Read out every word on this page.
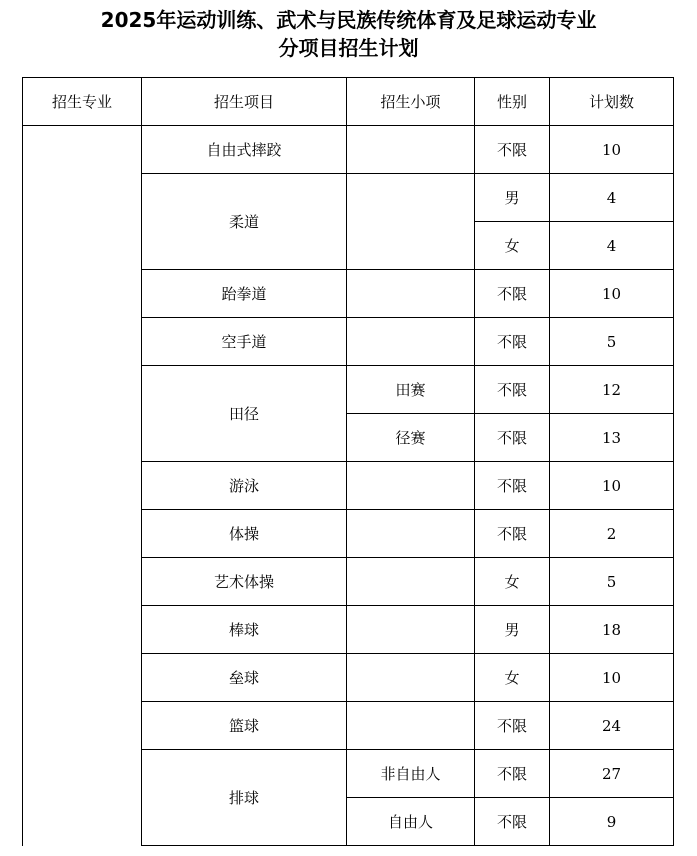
2025年运动训练、武术与民族传统体育及足球运动专业
分项目招生计划
招生专业	招生项目	招生小项	性别	计划数
	自由式摔跤		不限	10
	柔道		男	4
			女	4
	跆拳道		不限	10
	空手道		不限	5
	田径	田赛	不限	12
		径赛	不限	13
	游泳		不限	10
	体操		不限	2
	艺术体操		女	5
	棒球		男	18
	垒球		女	10
	篮球		不限	24
	排球	非自由人	不限	27
		自由人	不限	9
